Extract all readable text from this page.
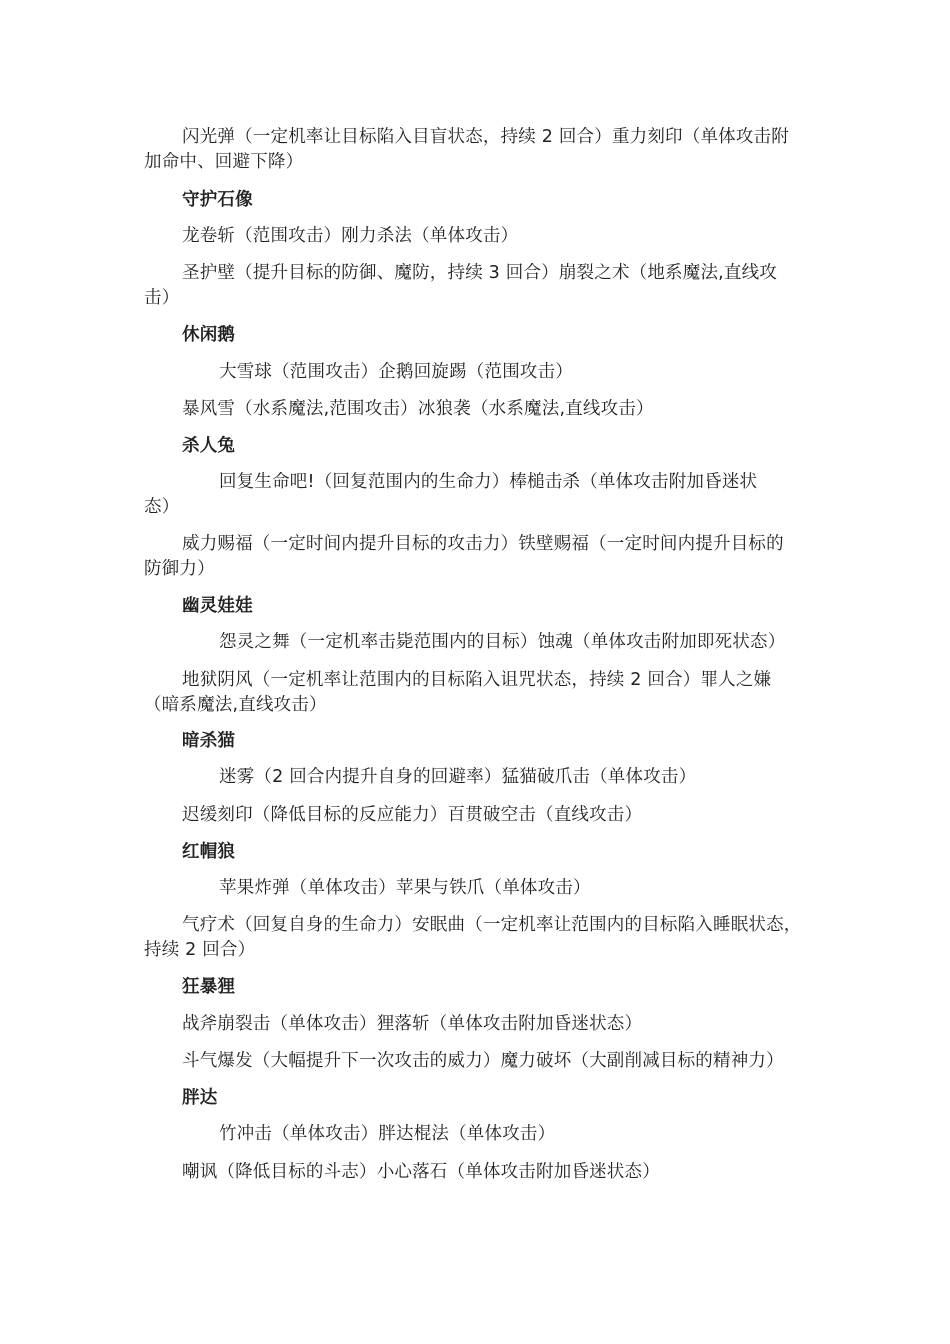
闪光弹（一定机率让目标陷入目盲状态，持续 2 回合）重力刻印（单体攻击附
加命中、回避下降）
守护石像
龙卷斩（范围攻击）刚力杀法（单体攻击）
圣护壁（提升目标的防御、魔防，持续 3 回合）崩裂之术（地系魔法,直线攻
击）
休闲鹅
大雪球（范围攻击）企鹅回旋踢（范围攻击）
暴风雪（水系魔法,范围攻击）冰狼袭（水系魔法,直线攻击）
杀人兔
回复生命吧!（回复范围内的生命力）棒槌击杀（单体攻击附加昏迷状
态）
威力赐福（一定时间内提升目标的攻击力）铁壁赐福（一定时间内提升目标的
防御力）
幽灵娃娃
怨灵之舞（一定机率击毙范围内的目标）蚀魂（单体攻击附加即死状态）
地狱阴风（一定机率让范围内的目标陷入诅咒状态，持续 2 回合）罪人之嫌
（暗系魔法,直线攻击）
暗杀猫
迷雾（2 回合内提升自身的回避率）猛猫破爪击（单体攻击）
迟缓刻印（降低目标的反应能力）百贯破空击（直线攻击）
红帽狼
苹果炸弹（单体攻击）苹果与铁爪（单体攻击）
气疗术（回复自身的生命力）安眠曲（一定机率让范围内的目标陷入睡眠状态，
持续 2 回合）
狂暴狸
战斧崩裂击（单体攻击）狸落斩（单体攻击附加昏迷状态）
斗气爆发（大幅提升下一次攻击的威力）魔力破坏（大副削减目标的精神力）
胖达
竹冲击（单体攻击）胖达棍法（单体攻击）
嘲讽（降低目标的斗志）小心落石（单体攻击附加昏迷状态）
